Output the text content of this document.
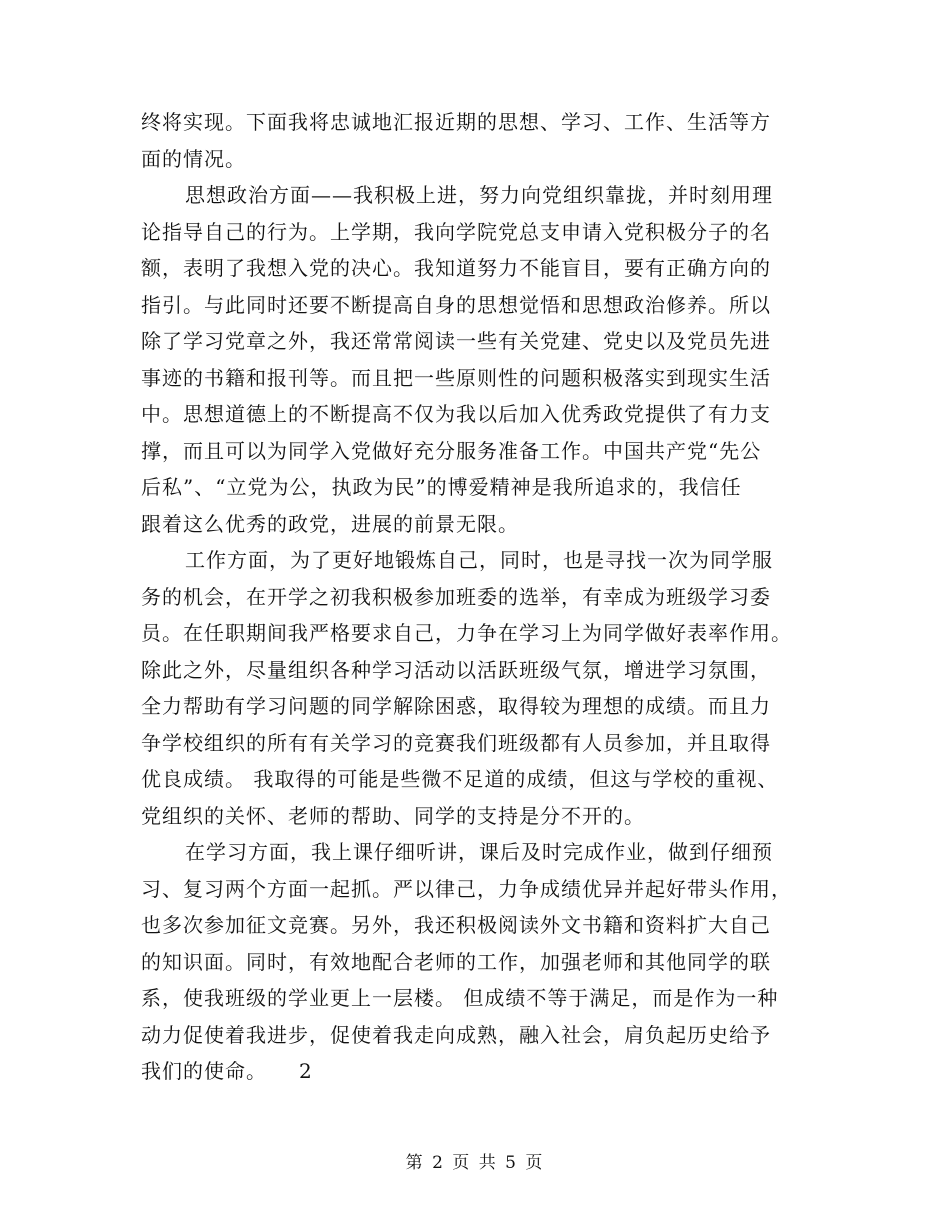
终将实现。下面我将忠诚地汇报近期的思想、学习、工作、生活等方
面的情况。
思想政治方面——我积极上进，努力向党组织靠拢，并时刻用理
论指导自己的行为。上学期，我向学院党总支申请入党积极分子的名
额，表明了我想入党的决心。我知道努力不能盲目，要有正确方向的
指引。与此同时还要不断提高自身的思想觉悟和思想政治修养。所以
除了学习党章之外，我还常常阅读一些有关党建、党史以及党员先进
事迹的书籍和报刊等。而且把一些原则性的问题积极落实到现实生活
中。思想道德上的不断提高不仅为我以后加入优秀政党提供了有力支
撑，而且可以为同学入党做好充分服务准备工作。中国共产党“先公
后私”、“立党为公，执政为民”的博爱精神是我所追求的，我信任
跟着这么优秀的政党，进展的前景无限。
工作方面，为了更好地锻炼自己，同时，也是寻找一次为同学服
务的机会，在开学之初我积极参加班委的选举，有幸成为班级学习委
员。在任职期间我严格要求自己，力争在学习上为同学做好表率作用。
除此之外，尽量组织各种学习活动以活跃班级气氛，增进学习氛围，
全力帮助有学习问题的同学解除困惑，取得较为理想的成绩。而且力
争学校组织的所有有关学习的竞赛我们班级都有人员参加，并且取得
优良成绩。 我取得的可能是些微不足道的成绩，但这与学校的重视、
党组织的关怀、老师的帮助、同学的支持是分不开的。
在学习方面，我上课仔细听讲，课后及时完成作业，做到仔细预
习、复习两个方面一起抓。严以律己，力争成绩优异并起好带头作用，
也多次参加征文竞赛。另外，我还积极阅读外文书籍和资料扩大自己
的知识面。同时，有效地配合老师的工作，加强老师和其他同学的联
系，使我班级的学业更上一层楼。 但成绩不等于满足，而是作为一种
动力促使着我进步，促使着我走向成熟，融入社会，肩负起历史给予
我们的使命。　　2
第 2 页 共 5 页
